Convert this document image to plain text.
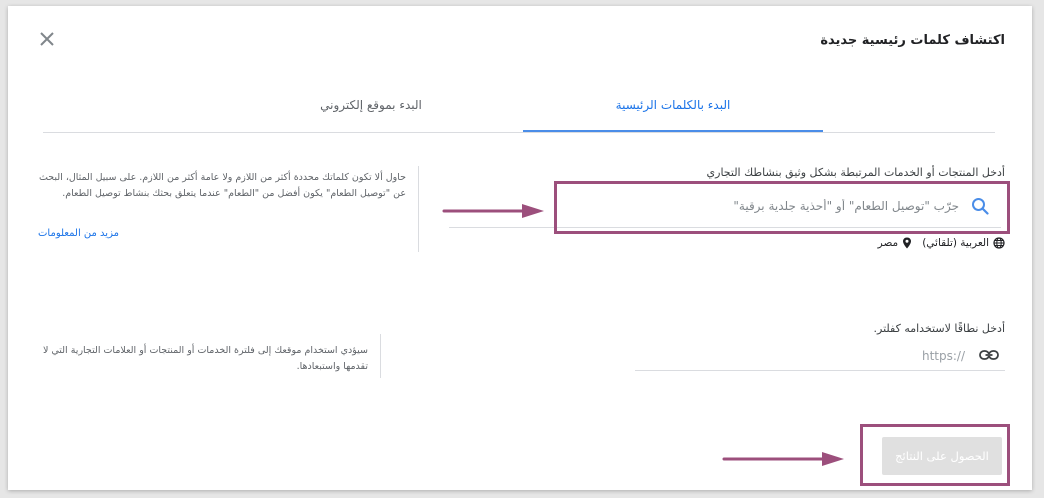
اكتشاف كلمات رئيسية جديدة
البدء بالكلمات الرئيسية
البدء بموقع إلكتروني
أدخل المنتجات أو الخدمات المرتبطة بشكل وثيق بنشاطك التجاري
جرّب "توصيل الطعام" أو "أحذية جلدية برقية"
العربية (تلقائي)
مصر
حاول ألا تكون كلماتك محددة أكثر من اللازم ولا عامة أكثر من اللازم. على سبيل المثال، البحث عن "توصيل الطعام" يكون أفضل من "الطعام" عندما يتعلق بحثك بنشاط توصيل الطعام.
مزيد من المعلومات
أدخل نطاقًا لاستخدامه كفلتر.
https://
سيؤدي استخدام موقعك إلى فلترة الخدمات أو المنتجات أو العلامات التجارية التي لا تقدمها واستبعادها.
الحصول على النتائج
